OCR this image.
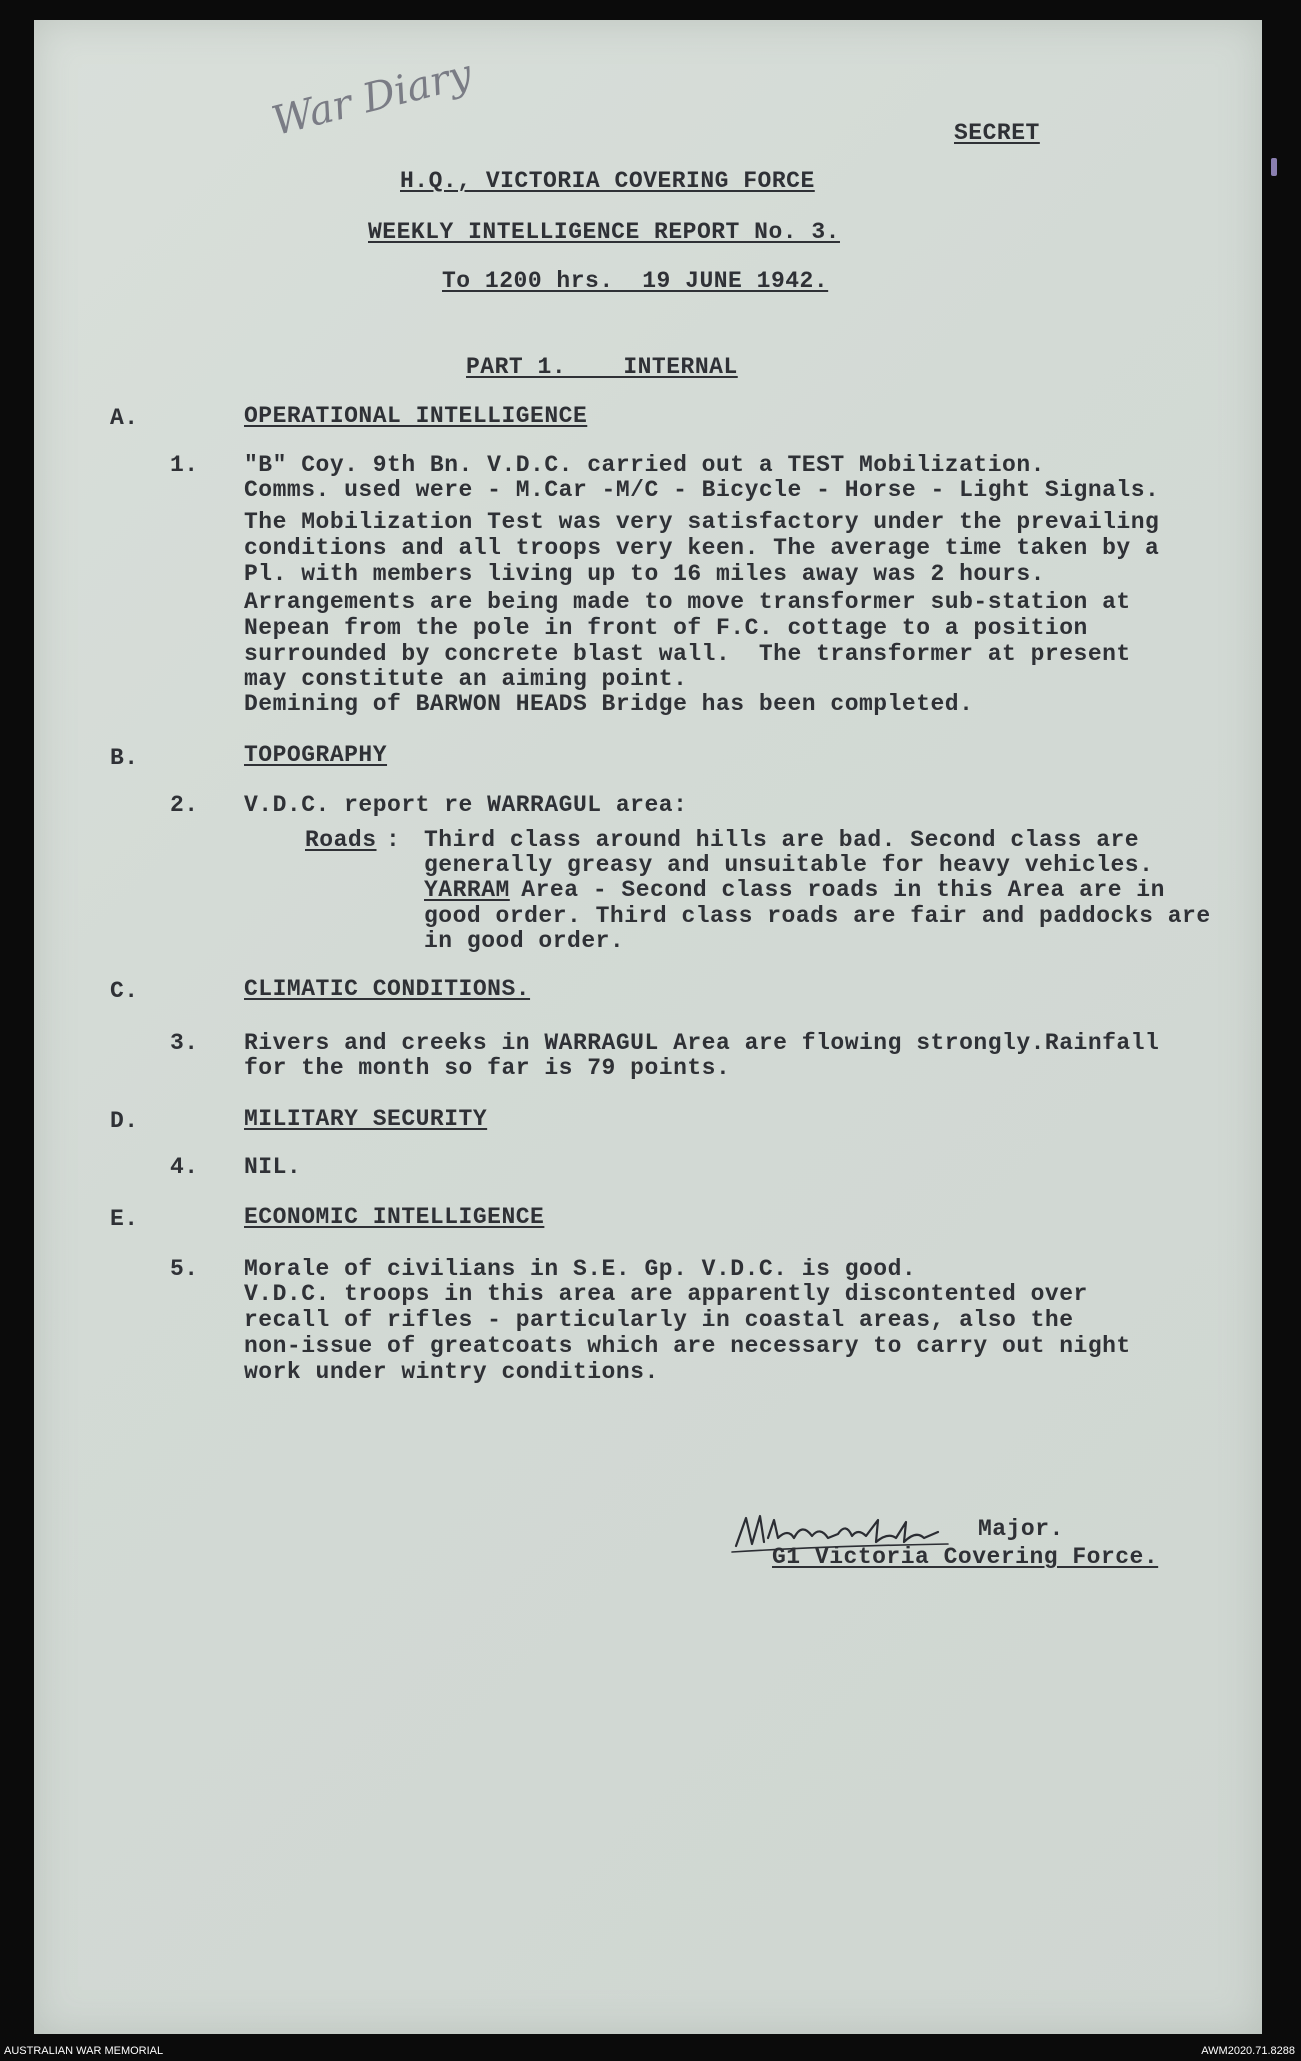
War Diary	SECRET
H.Q., VICTORIA COVERING FORCE
WEEKLY INTELLIGENCE REPORT No. 3.
To 1200 hrs.  19 JUNE 1942.
PART 1.    INTERNAL
A.	OPERATIONAL INTELLIGENCE
1. "B" Coy. 9th Bn. V.D.C. carried out a TEST Mobilization.
Comms. used were - M.Car -M/C - Bicycle - Horse - Light Signals.
The Mobilization Test was very satisfactory under the prevailing
conditions and all troops very keen. The average time taken by a
Pl. with members living up to 16 miles away was 2 hours.
Arrangements are being made to move transformer sub-station at
Nepean from the pole in front of F.C. cottage to a position
surrounded by concrete blast wall.  The transformer at present
may constitute an aiming point.
Demining of BARWON HEADS Bridge has been completed.
B.	TOPOGRAPHY
2. V.D.C. report re WARRAGUL area:
Roads : Third class around hills are bad. Second class are
generally greasy and unsuitable for heavy vehicles.
YARRAM
Area - Second class roads in this Area are in
good order. Third class roads are fair and paddocks are
in good order.
C.	CLIMATIC CONDITIONS.
3. Rivers and creeks in WARRAGUL Area are flowing strongly.Rainfall
for the month so far is 79 points.
D.	MILITARY SECURITY
4. NIL.
E.	ECONOMIC INTELLIGENCE
5. Morale of civilians in S.E. Gp. V.D.C. is good.
V.D.C. troops in this area are apparently discontented over
recall of rifles - particularly in coastal areas, also the
non-issue of greatcoats which are necessary to carry out night
work under wintry conditions.
Major.
G1 Victoria Covering Force.
AUSTRALIAN WAR MEMORIAL	AWM2020.71.8288
